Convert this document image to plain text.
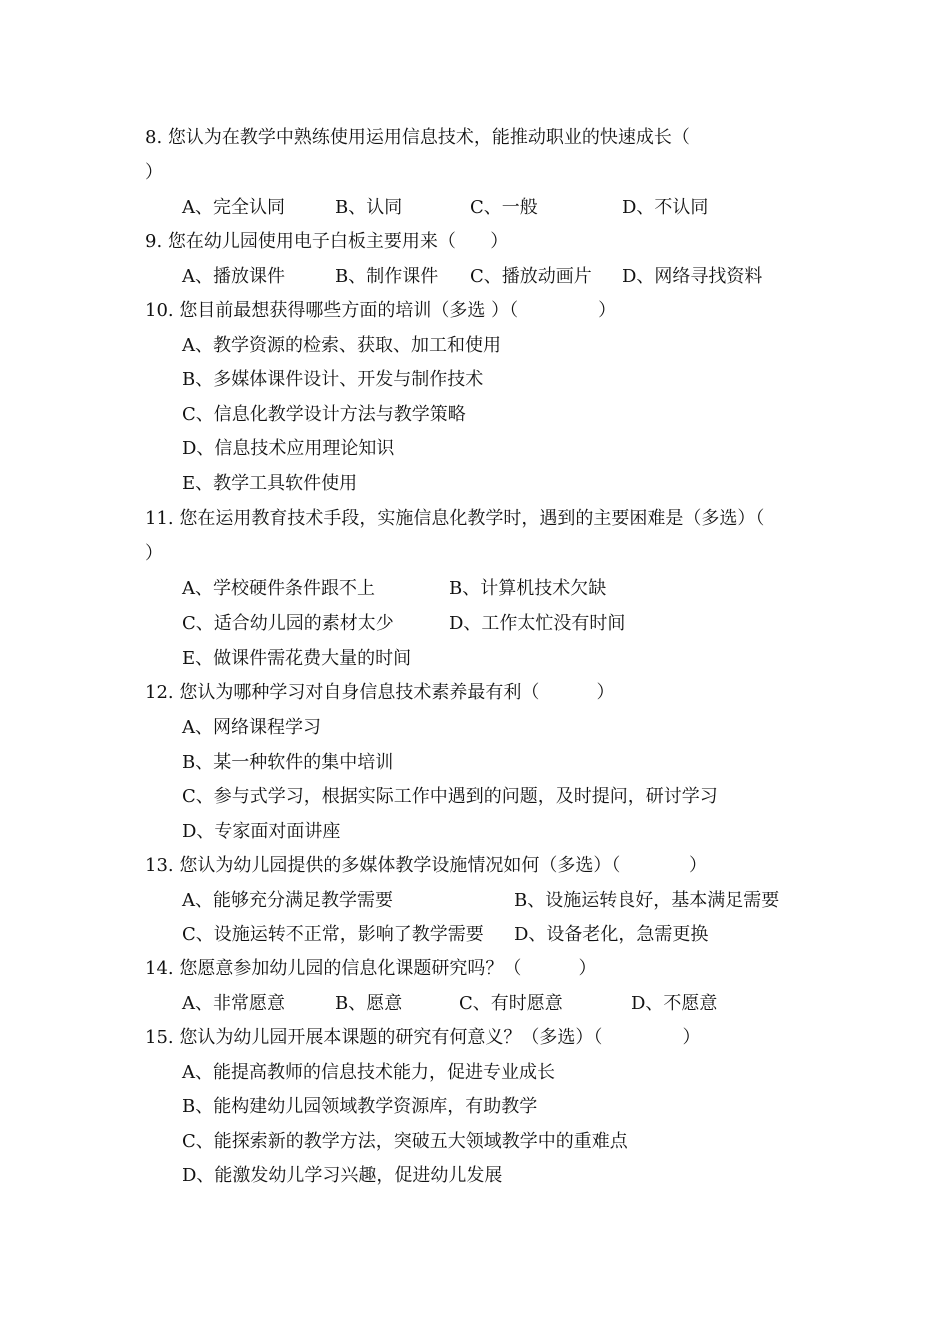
8. 您认为在教学中熟练使用运用信息技术，能推动职业的快速成长（
）
A、完全认同	B、认同	C、一般	D、不认同
9. 您在幼儿园使用电子白板主要用来（      ）
A、播放课件	B、制作课件 C、播放动画片 D、网络寻找资料
10. 您目前最想获得哪些方面的培训（多选 ）（              ）
A、教学资源的检索、获取、加工和使用
B、多媒体课件设计、开发与制作技术
C、信息化教学设计方法与教学策略
D、信息技术应用理论知识
E、教学工具软件使用
11. 您在运用教育技术手段，实施信息化教学时，遇到的主要困难是（多选）（
）
A、学校硬件条件跟不上	B、计算机技术欠缺
C、适合幼儿园的素材太少	D、工作太忙没有时间
E、做课件需花费大量的时间
12. 您认为哪种学习对自身信息技术素养最有利（          ）
A、网络课程学习
B、某一种软件的集中培训
C、参与式学习，根据实际工作中遇到的问题，及时提问，研讨学习
D、专家面对面讲座
13. 您认为幼儿园提供的多媒体教学设施情况如何（多选）（            ）
A、能够充分满足教学需要	B、设施运转良好，基本满足需要
C、设施运转不正常，影响了教学需要 D、设备老化，急需更换
14. 您愿意参加幼儿园的信息化课题研究吗？（          ）
A、非常愿意	B、愿意	C、有时愿意	D、不愿意
15. 您认为幼儿园开展本课题的研究有何意义？（多选）（              ）
A、能提高教师的信息技术能力，促进专业成长
B、能构建幼儿园领域教学资源库，有助教学
C、能探索新的教学方法，突破五大领域教学中的重难点
D、能激发幼儿学习兴趣，促进幼儿发展
